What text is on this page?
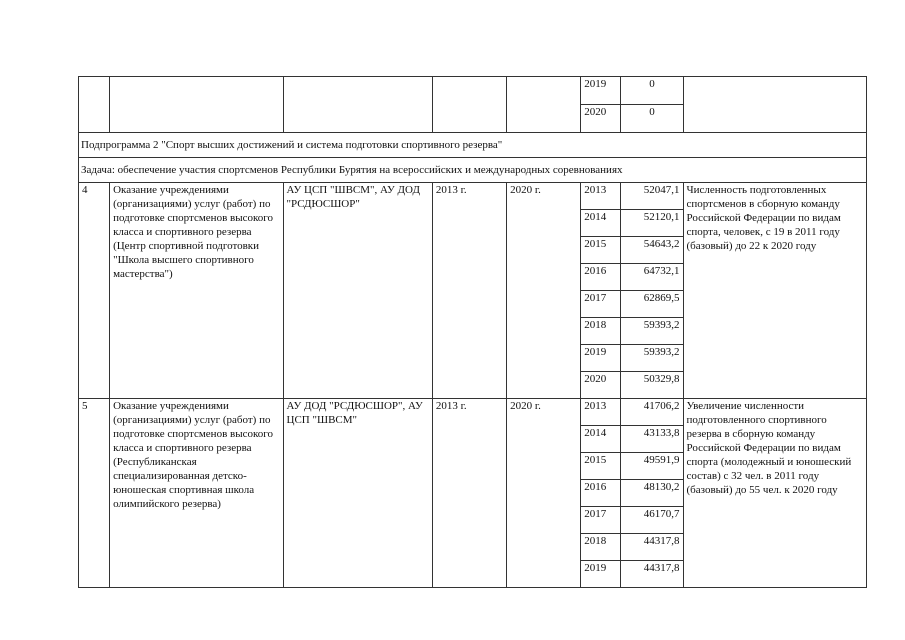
					2019	0	
					2020	0	
Подпрограмма 2 "Спорт высших достижений и система подготовки спортивного резерва"							
Задача: обеспечение участия спортсменов Республики Бурятия на всероссийских и международных соревнованиях							
4	Оказание учреждениями (организациями) услуг (работ) по подготовке спортсменов высокого класса и спортивного резерва (Центр спортивной подготовки "Школа высшего спортивного мастерства")	АУ ЦСП "ШВСМ", АУ ДОД "РСДЮСШОР"	2013 г.	2020 г.	2013	52047,1	Численность подготовленных спортсменов в сборную команду Российской Федерации по видам спорта, человек, с 19 в 2011 году (базовый) до 22 к 2020 году
					2014	52120,1	
					2015	54643,2	
					2016	64732,1	
					2017	62869,5	
					2018	59393,2	
					2019	59393,2	
					2020	50329,8	
5	Оказание учреждениями (организациями) услуг (работ) по подготовке спортсменов высокого класса и спортивного резерва (Республиканская специализированная детско-юношеская спортивная школа олимпийского резерва)	АУ ДОД "РСДЮСШОР", АУ ЦСП "ШВСМ"	2013 г.	2020 г.	2013	41706,2	Увеличение численности подготовленного спортивного резерва в сборную команду Российской Федерации по видам спорта (молодежный и юношеский состав) с 32 чел. в 2011 году (базовый) до 55 чел. к 2020 году
					2014	43133,8	
					2015	49591,9	
					2016	48130,2	
					2017	46170,7	
					2018	44317,8	
					2019	44317,8	
